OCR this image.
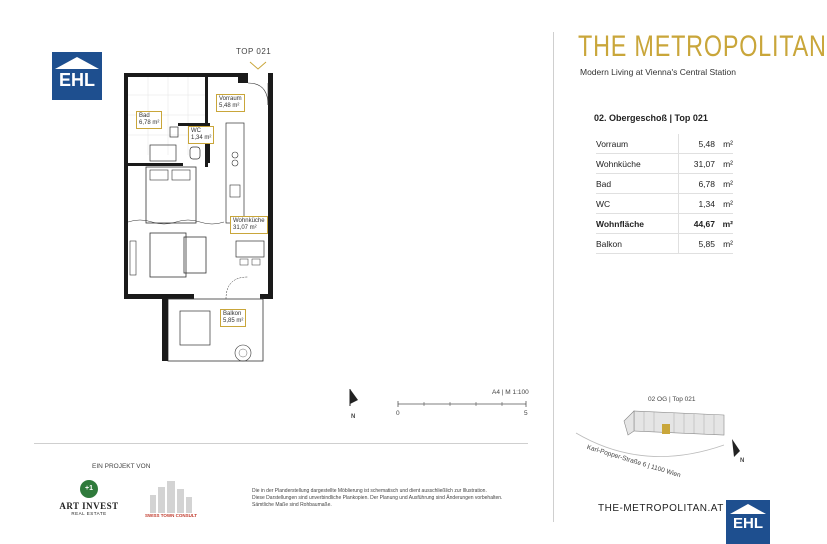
EHL
TOP 021
Bad
6,78 m²
Vorraum
5,48 m²
WC
1,34 m²
Wohnküche
31,07 m²
Balkon
5,85 m²
N
A4 | M 1:100
0	5
THE METROPOLITAN
Modern Living at Vienna's Central Station
02. Obergeschoß | Top 021
Vorraum	5,48	m²
Wohnküche	31,07	m²
Bad	6,78	m²
WC	1,34	m²
Wohnfläche	44,67	m²
Balkon	5,85	m²
02 OG | Top 021
N
Karl-Popper-Straße 6 | 1100 Wien
EIN PROJEKT VON
+1
ART INVEST
REAL ESTATE	SWISS TOWN CONSULT
Die in der Planderstellung dargestellte Möblierung ist schematisch und dient ausschließlich zur Illustration.
Diese Darstellungen sind unverbindliche Plankopien. Der Planung und Ausführung sind Änderungen vorbehalten.
Sämtliche Maße sind Rohbaumaße.	THE-METROPOLITAN.AT
EHL
